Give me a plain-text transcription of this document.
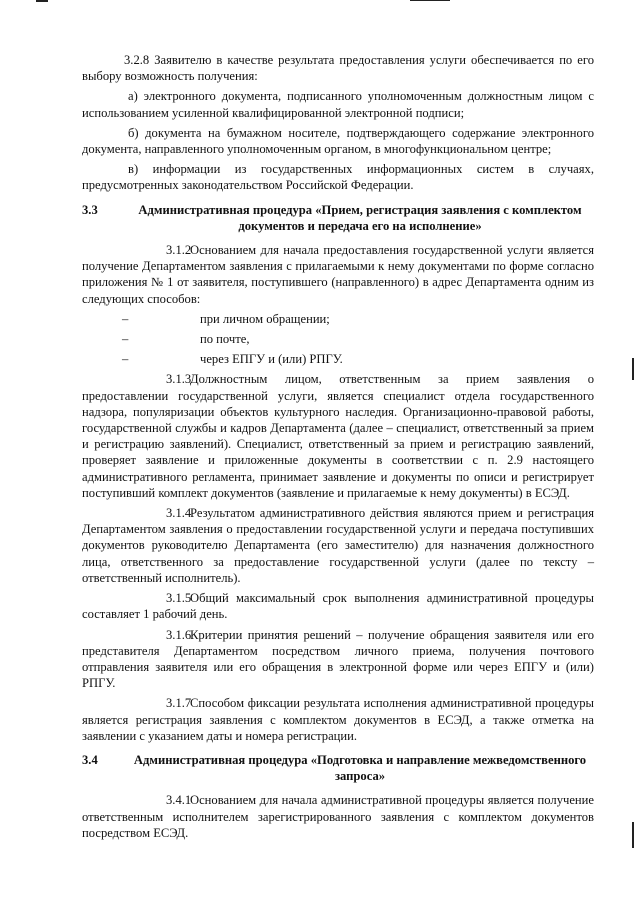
3.2.8 Заявителю в качестве результата предоставления услуги обеспечивается по его выбору возможность получения:

а) электронного документа, подписанного уполномоченным должностным лицом с использованием усиленной квалифицированной электронной подписи;

б) документа на бумажном носителе, подтверждающего содержание электронного документа, направленного уполномоченным органом, в многофункциональном центре;

в) информации из государственных информационных систем в случаях, предусмотренных законодательством Российской Федерации.

3.3	Административная процедура «Прием, регистрация заявления с комплектом документов и передача его на исполнение»

3.1.2Основанием для начала предоставления государственной услуги является получение Департаментом заявления с прилагаемыми к нему документами по форме согласно приложения № 1 от заявителя, поступившего (направленного) в адрес Департамента одним из следующих способов:

–	при личном обращении;
–	по почте,
–	через ЕПГУ и (или) РПГУ.

3.1.3Должностным лицом, ответственным за прием заявления о предоставлении государственной услуги, является специалист отдела государственного надзора, популяризации объектов культурного наследия. Организационно-правовой работы, государственной службы и кадров Департамента (далее – специалист, ответственный за прием и регистрацию заявлений). Специалист, ответственный за прием и регистрацию заявлений, проверяет заявление и приложенные документы в соответствии с п. 2.9 настоящего административного регламента, принимает заявление и документы по описи и регистрирует поступивший комплект документов (заявление и прилагаемые к нему документы) в ЕСЭД.

3.1.4Результатом административного действия являются прием и регистрация Департаментом заявления о предоставлении государственной услуги и передача поступивших документов руководителю Департамента (его заместителю) для назначения должностного лица, ответственного за предоставление государственной услуги (далее по тексту – ответственный исполнитель).

3.1.5Общий максимальный срок выполнения административной процедуры составляет 1 рабочий день.

3.1.6Критерии принятия решений – получение обращения заявителя или его представителя Департаментом посредством личного приема, получения почтового отправления заявителя или его обращения в электронной форме или через ЕПГУ и (или) РПГУ.

3.1.7Способом фиксации результата исполнения административной процедуры является регистрация заявления с комплектом документов в ЕСЭД, а также отметка на заявлении с указанием даты и номера регистрации.

3.4	Административная процедура «Подготовка и направление межведомственного запроса»

3.4.1Основанием для начала административной процедуры является получение ответственным исполнителем зарегистрированного заявления с комплектом документов посредством ЕСЭД.
